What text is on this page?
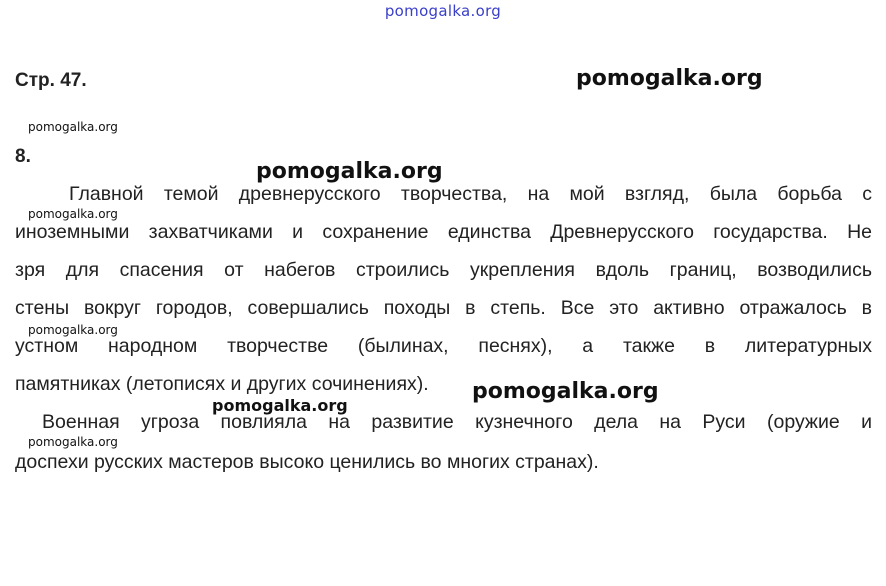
pomogalka.org
Стр. 47.	pomogalka.org
pomogalka.org
8.
pomogalka.org
Главной темой древнерусского творчества, на мой взгляд, была борьба с
pomogalka.org
иноземными захватчиками и сохранение единства Древнерусского государства. Не
зря для спасения от набегов строились укрепления вдоль границ, возводились
стены вокруг городов, совершались походы в степь. Все это активно отражалось в
pomogalka.org
устном народном творчестве (былинах, песнях), а также в литературных
памятниках (летописях и других сочинениях).	pomogalka.org
pomogalka.org
Военная угроза повлияла на развитие кузнечного дела на Руси (оружие и
pomogalka.org
доспехи русских мастеров высоко ценились во многих странах).
